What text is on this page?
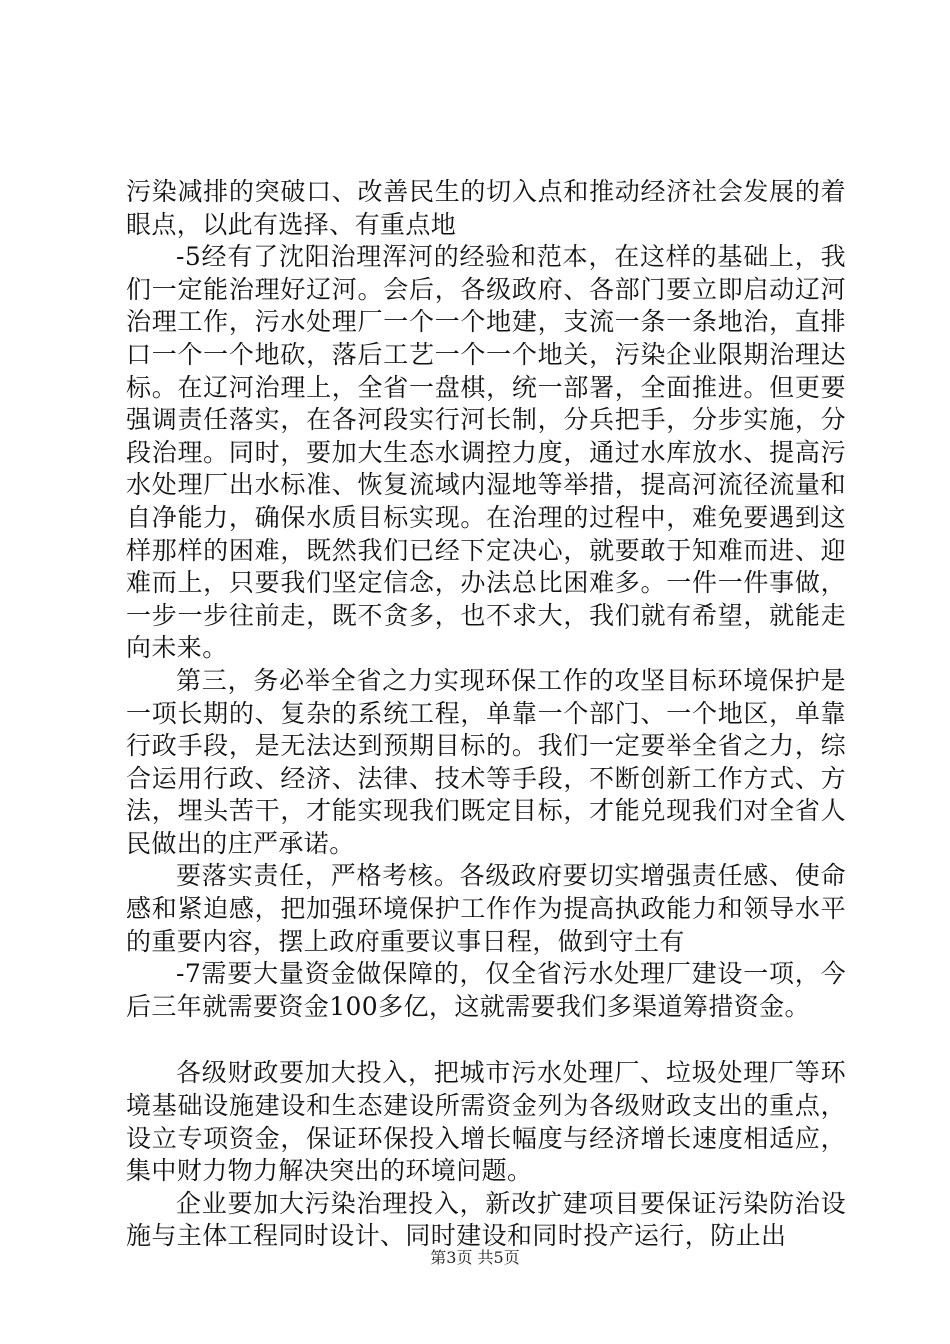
污染减排的突破口、改善民生的切入点和推动经济社会发展的着眼点，以此有选择、有重点地

-5经有了沈阳治理浑河的经验和范本，在这样的基础上，我们一定能治理好辽河。会后，各级政府、各部门要立即启动辽河治理工作，污水处理厂一个一个地建，支流一条一条地治，直排口一个一个地砍，落后工艺一个一个地关，污染企业限期治理达标。在辽河治理上，全省一盘棋，统一部署，全面推进。但更要强调责任落实，在各河段实行河长制，分兵把手，分步实施，分段治理。同时，要加大生态水调控力度，通过水库放水、提高污水处理厂出水标准、恢复流域内湿地等举措，提高河流径流量和自净能力，确保水质目标实现。在治理的过程中，难免要遇到这样那样的困难，既然我们已经下定决心，就要敢于知难而进、迎难而上，只要我们坚定信念，办法总比困难多。一件一件事做，一步一步往前走，既不贪多，也不求大，我们就有希望，就能走向未来。

第三，务必举全省之力实现环保工作的攻坚目标环境保护是一项长期的、复杂的系统工程，单靠一个部门、一个地区，单靠行政手段，是无法达到预期目标的。我们一定要举全省之力，综合运用行政、经济、法律、技术等手段，不断创新工作方式、方法，埋头苦干，才能实现我们既定目标，才能兑现我们对全省人民做出的庄严承诺。

要落实责任，严格考核。各级政府要切实增强责任感、使命感和紧迫感，把加强环境保护工作作为提高执政能力和领导水平的重要内容，摆上政府重要议事日程，做到守土有

-7需要大量资金做保障的，仅全省污水处理厂建设一项，今后三年就需要资金100多亿，这就需要我们多渠道筹措资金。

各级财政要加大投入，把城市污水处理厂、垃圾处理厂等环境基础设施建设和生态建设所需资金列为各级财政支出的重点，设立专项资金，保证环保投入增长幅度与经济增长速度相适应，集中财力物力解决突出的环境问题。

企业要加大污染治理投入，新改扩建项目要保证污染防治设施与主体工程同时设计、同时建设和同时投产运行，防止出

第3页 共5页
